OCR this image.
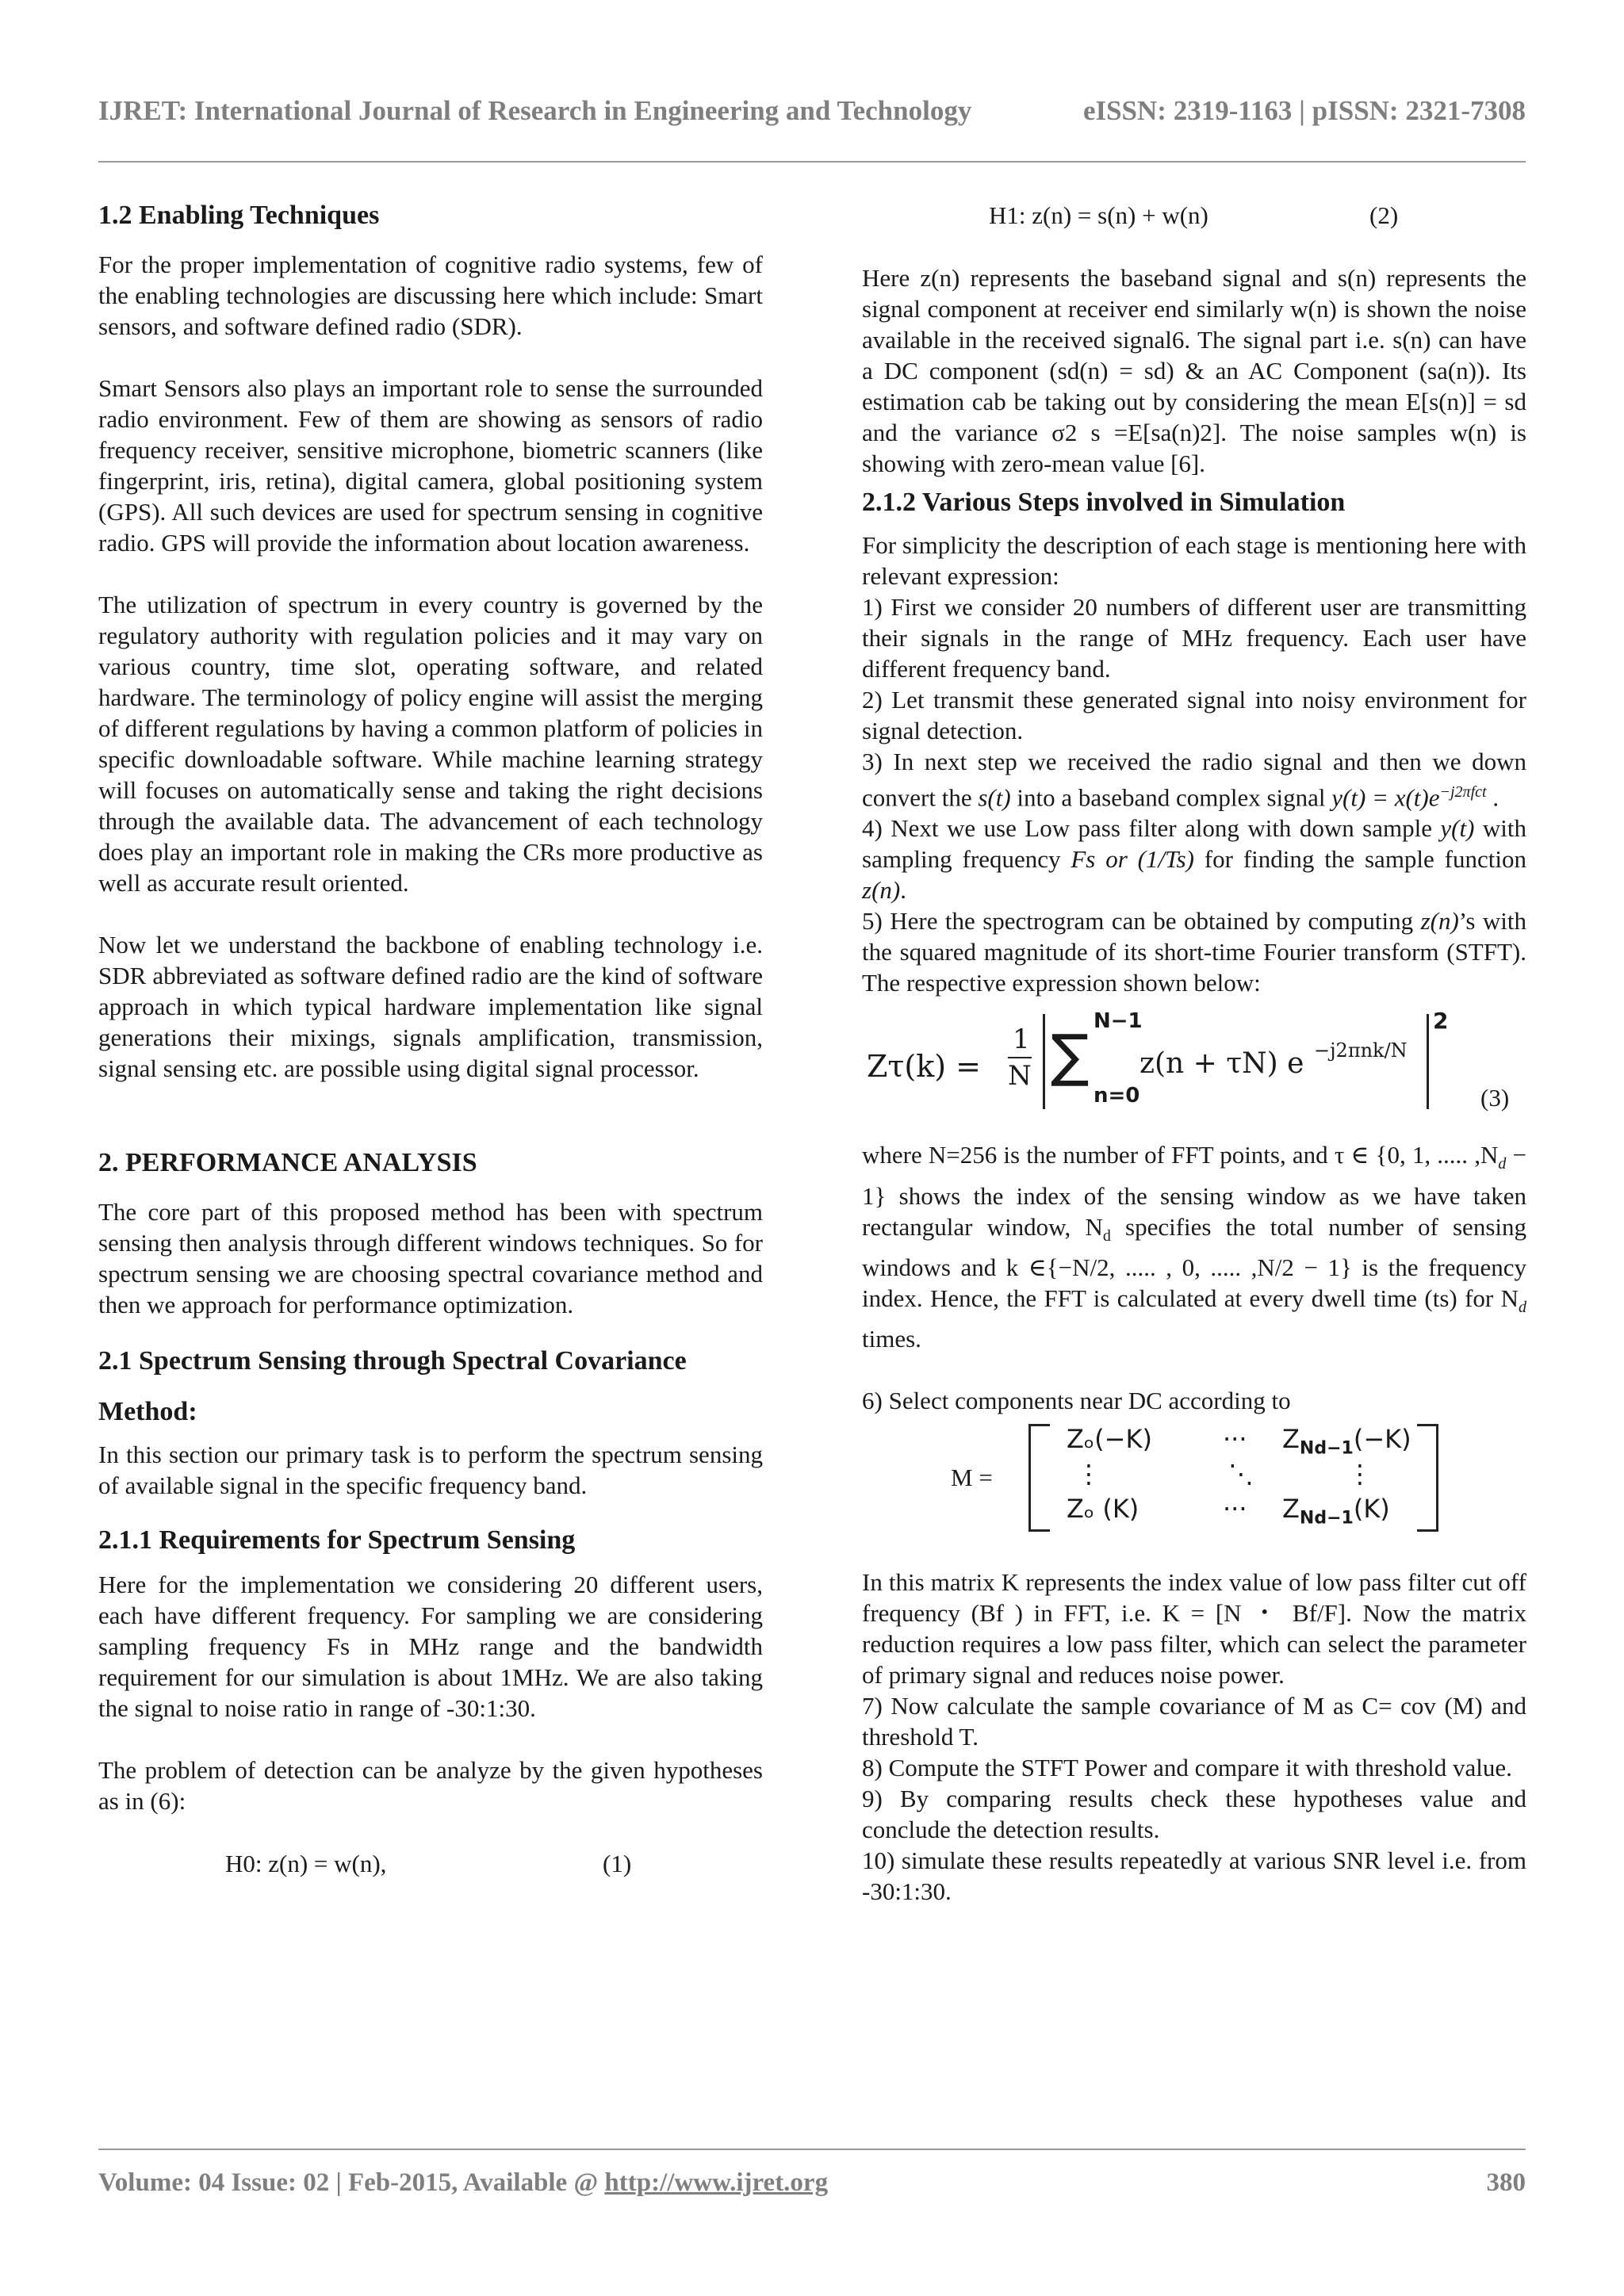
IJRET: International Journal of Research in Engineering and Technology	eISSN: 2319-1163 | pISSN: 2321-7308
1.2 Enabling Techniques

For the proper implementation of cognitive radio systems, few of the enabling technologies are discussing here which include: Smart sensors, and software defined radio (SDR).

Smart Sensors also plays an important role to sense the surrounded radio environment. Few of them are showing as sensors of radio frequency receiver, sensitive microphone, biometric scanners (like fingerprint, iris, retina), digital camera, global positioning system (GPS). All such devices are used for spectrum sensing in cognitive radio. GPS will provide the information about location awareness.

The utilization of spectrum in every country is governed by the regulatory authority with regulation policies and it may vary on various country, time slot, operating software, and related hardware. The terminology of policy engine will assist the merging of different regulations by having a common platform of policies in specific downloadable software. While machine learning strategy will focuses on automatically sense and taking the right decisions through the available data. The advancement of each technology does play an important role in making the CRs more productive as well as accurate result oriented.

Now let we understand the backbone of enabling technology i.e. SDR abbreviated as software defined radio are the kind of software approach in which typical hardware implementation like signal generations their mixings, signals amplification, transmission, signal sensing etc. are possible using digital signal processor.

2. PERFORMANCE ANALYSIS

The core part of this proposed method has been with spectrum sensing then analysis through different windows techniques. So for spectrum sensing we are choosing spectral covariance method and then we approach for performance optimization.

2.1 Spectrum Sensing through Spectral Covariance
Method:

In this section our primary task is to perform the spectrum sensing of available signal in the specific frequency band.

2.1.1 Requirements for Spectrum Sensing

Here for the implementation we considering 20 different users, each have different frequency. For sampling we are considering sampling frequency Fs in MHz range and the bandwidth requirement for our simulation is about 1MHz. We are also taking the signal to noise ratio in range of -30:1:30.

The problem of detection can be analyze by the given hypotheses as in (6):

H0: z(n) = w(n),	(1)
H1: z(n) = s(n) + w(n)	(2)

Here z(n) represents the baseband signal and s(n) represents the signal component at receiver end similarly w(n) is shown the noise available in the received signal6. The signal part i.e. s(n) can have a DC component (sd(n) = sd) & an AC Component (sa(n)). Its estimation cab be taking out by considering the mean E[s(n)] = sd and the variance σ2 s =E[sa(n)2]. The noise samples w(n) is showing with zero-mean value [6].

2.1.2 Various Steps involved in Simulation

For simplicity the description of each stage is mentioning here with relevant expression:

1) First we consider 20 numbers of different user are transmitting their signals in the range of MHz frequency. Each user have different frequency band.

2) Let transmit these generated signal into noisy environment for signal detection.

3) In next step we received the radio signal and then we down convert the s(t) into a baseband complex signal $y(t) = x(t)e^{-j2\pi fct}$ .

4) Next we use Low pass filter along with down sample y(t) with sampling frequency Fs or (1/Ts) for finding the sample function z(n).

5) Here the spectrogram can be obtained by computing z(n)’s with the squared magnitude of its short-time Fourier transform (STFT). The respective expression shown below:

Zτ(k) =
1
N ∑
N−1
n=0
z(n + τN) e −j2πnk/N
2
(3)

where N=256 is the number of FFT points, and τ ∈ {0, 1, ..... $,N_d - 1$} shows the index of the sensing window as we have taken rectangular window, $N_d$ specifies the total number of sensing windows and k ∈{−N/2, ..... , 0, ..... ,N/2 − 1} is the frequency index. Hence, the FFT is calculated at every dwell time (ts) for $N_d$ times.

6) Select components near DC according to

M =
Zₒ(−K)	··· $Z_{Nd-1}(-K)$
⋮	⋱	⋮
Zₒ (K)	··· $Z_{Nd-1}(K)$

In this matrix K represents the index value of low pass filter cut off frequency (Bf ) in FFT, i.e. K = [N ・ Bf/F]. Now the matrix reduction requires a low pass filter, which can select the parameter of primary signal and reduces noise power.

7) Now calculate the sample covariance of M as C= cov (M) and threshold T.

8) Compute the STFT Power and compare it with threshold value.

9) By comparing results check these hypotheses value and conclude the detection results.

10) simulate these results repeatedly at various SNR level i.e. from -30:1:30.

Volume: 04 Issue: 02 | Feb-2015, Available @ http://www.ijret.org	380
